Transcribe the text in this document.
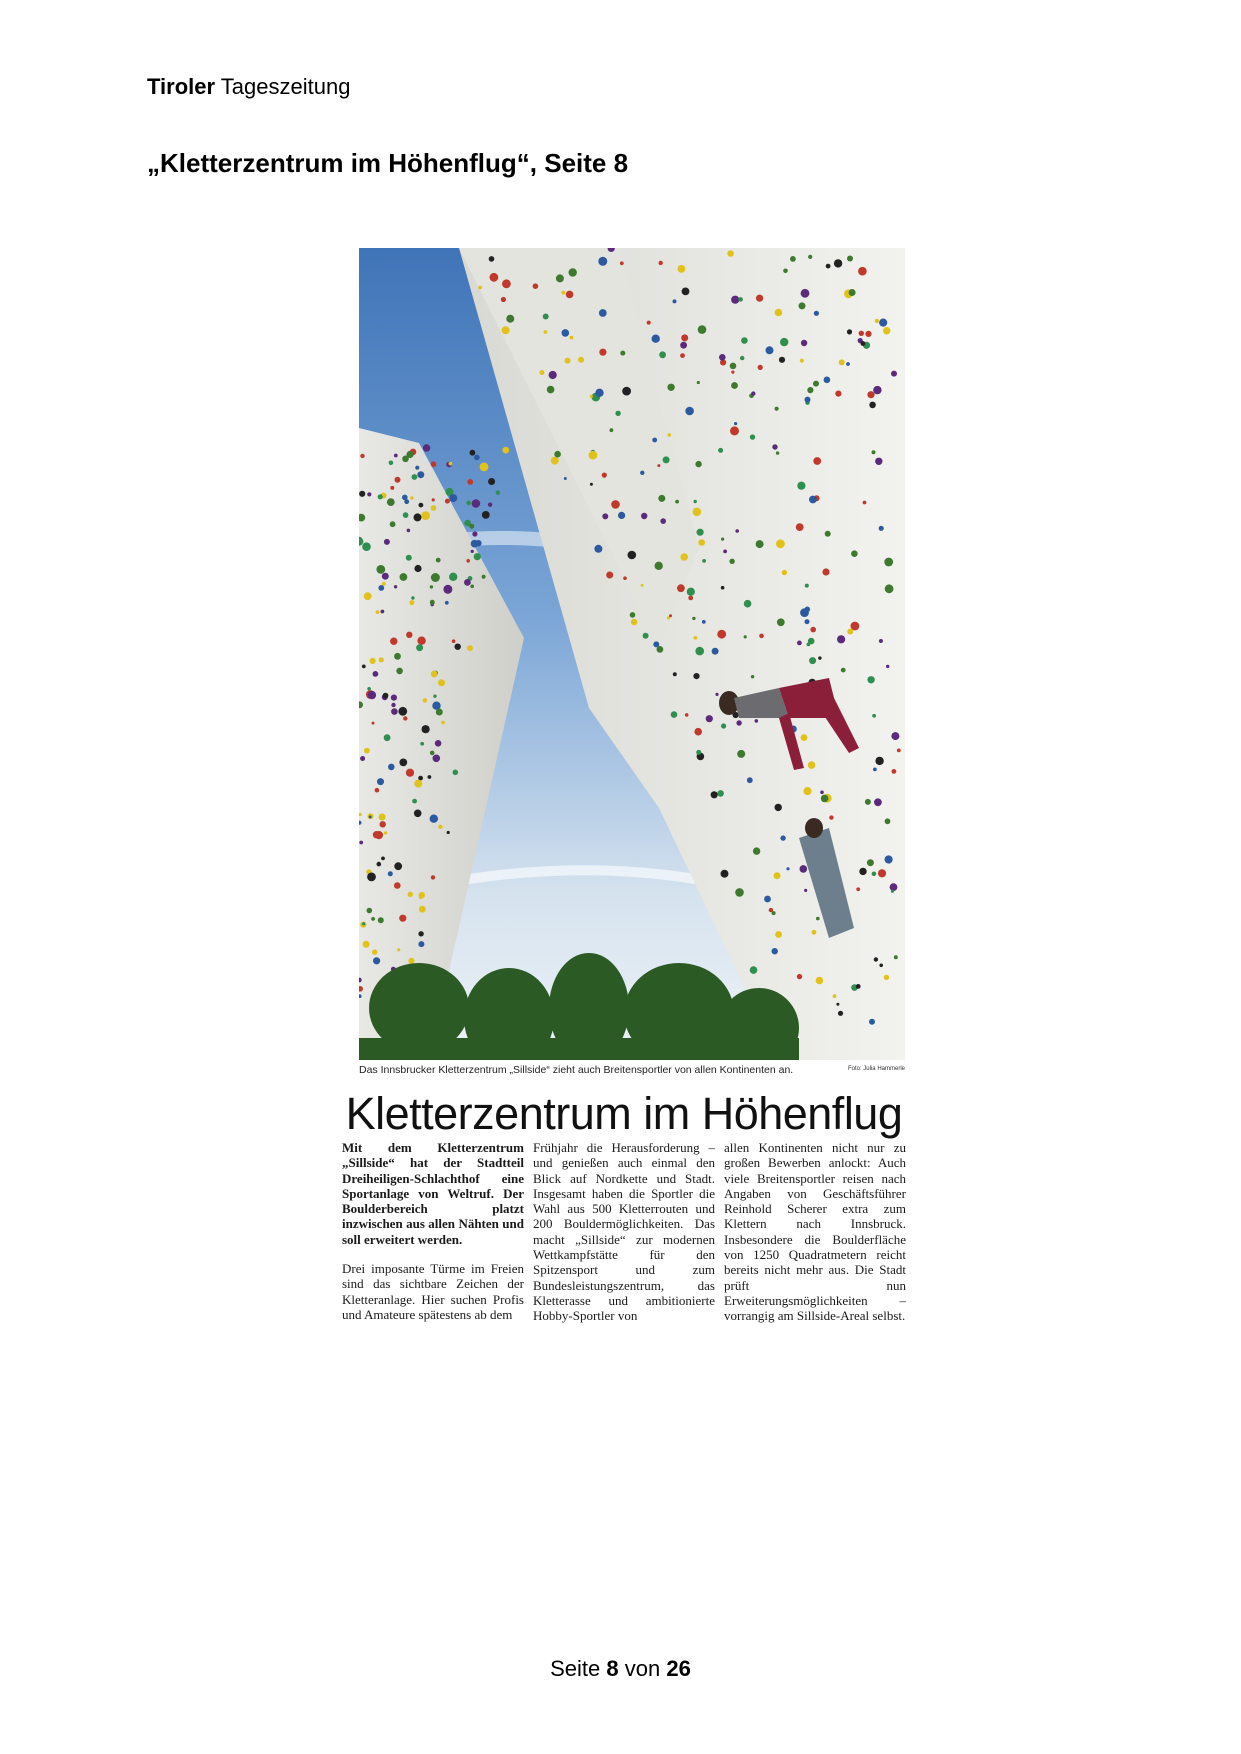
Tiroler Tageszeitung
„Kletterzentrum im Höhenflug“, Seite 8
Das Innsbrucker Kletterzentrum „Sillside“ zieht auch Breitensportler von allen Kontinenten an.	Foto: Julia Hammerle
Kletterzentrum im Höhenflug

Mit dem Kletterzentrum „Sillside“ hat der Stadtteil Dreiheiligen-Schlachthof eine Sportanlage von Weltruf. Der Boulderbereich platzt inzwischen aus allen Nähten und soll erweitert werden.

Drei imposante Türme im Freien sind das sichtbare Zeichen der Kletteranlage. Hier suchen Profis und Amateure spätestens ab dem

Frühjahr die Herausforderung – und genießen auch einmal den Blick auf Nordkette und Stadt. Insgesamt haben die Sportler die Wahl aus 500 Kletterrouten und 200 Bouldermöglichkeiten. Das macht „Sillside“ zur modernen Wettkampfstätte für den Spitzensport und zum Bundesleistungszentrum, das Kletterasse und ambitionierte Hobby-Sportler von

allen Kontinenten nicht nur zu großen Bewerben anlockt: Auch viele Breitensportler reisen nach Angaben von Geschäftsführer Reinhold Scherer extra zum Klettern nach Innsbruck. Insbesondere die Boulderfläche von 1250 Quadratmetern reicht bereits nicht mehr aus. Die Stadt prüft nun Erweiterungsmöglichkeiten – vorrangig am Sillside-Areal selbst.

Seite 8 von 26
